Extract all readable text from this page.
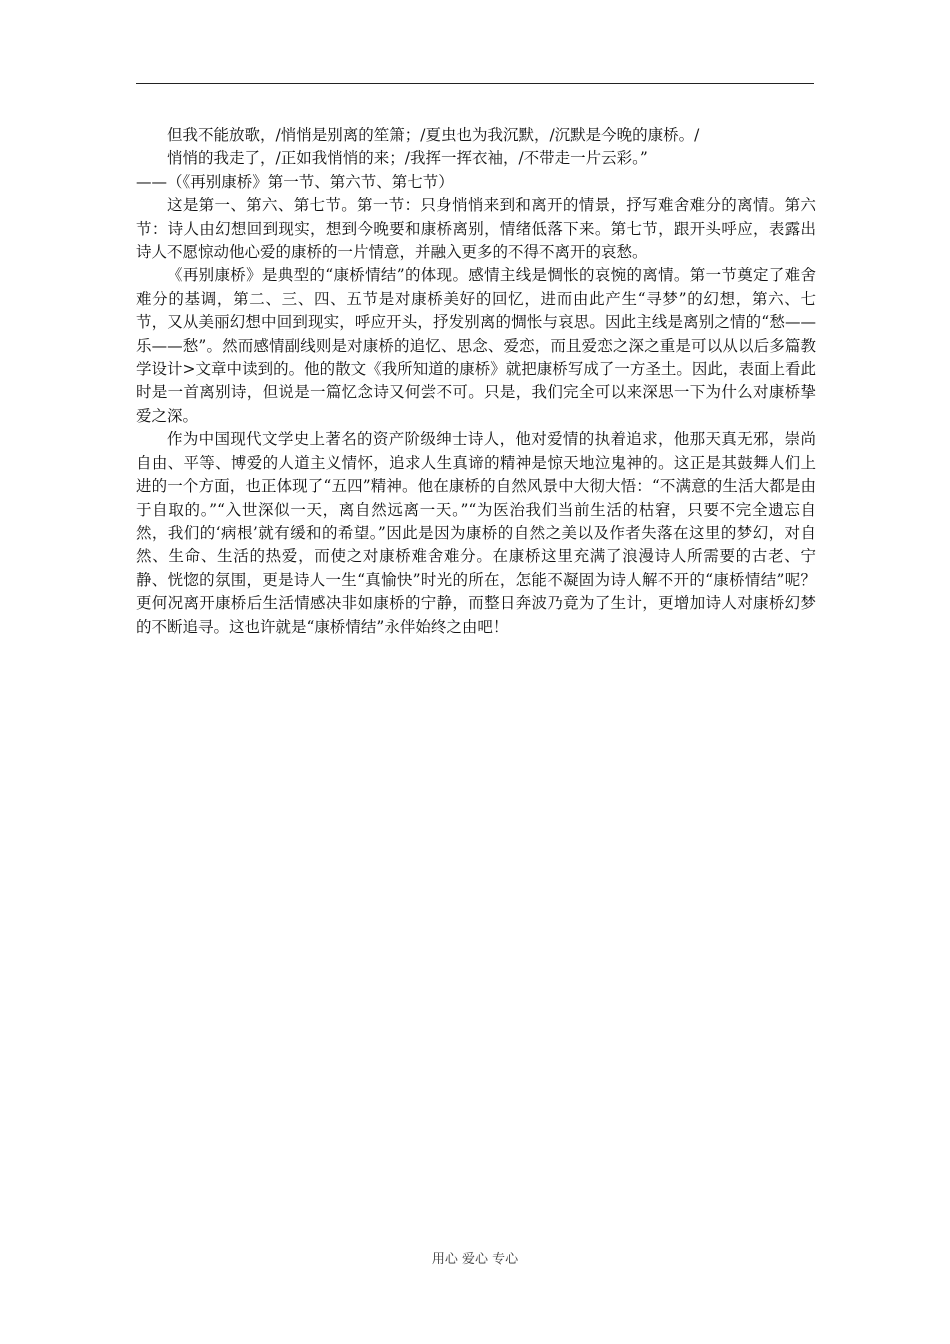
但我不能放歌，/悄悄是别离的笙箫；/夏虫也为我沉默，/沉默是今晚的康桥。/

悄悄的我走了，/正如我悄悄的来；/我挥一挥衣袖，/不带走一片云彩。”

——（《再别康桥》第一节、第六节、第七节）

这是第一、第六、第七节。第一节：只身悄悄来到和离开的情景，抒写难舍难分的离情。第六节：诗人由幻想回到现实，想到今晚要和康桥离别，情绪低落下来。第七节，跟开头呼应，表露出诗人不愿惊动他心爱的康桥的一片情意，并融入更多的不得不离开的哀愁。

《再别康桥》是典型的“康桥情结”的体现。感情主线是惆怅的哀惋的离情。第一节奠定了难舍难分的基调，第二、三、四、五节是对康桥美好的回忆，进而由此产生“寻梦”的幻想，第六、七节，又从美丽幻想中回到现实，呼应开头，抒发别离的惆怅与哀思。因此主线是离别之情的“愁——乐——愁”。然而感情副线则是对康桥的追忆、思念、爱恋，而且爱恋之深之重是可以从以后多篇教学设计>文章中读到的。他的散文《我所知道的康桥》就把康桥写成了一方圣土。因此，表面上看此时是一首离别诗，但说是一篇忆念诗又何尝不可。只是，我们完全可以来深思一下为什么对康桥挚爱之深。

作为中国现代文学史上著名的资产阶级绅士诗人，他对爱情的执着追求，他那天真无邪，崇尚自由、平等、博爱的人道主义情怀，追求人生真谛的精神是惊天地泣鬼神的。这正是其鼓舞人们上进的一个方面，也正体现了“五四”精神。他在康桥的自然风景中大彻大悟：“不满意的生活大都是由于自取的。”“入世深似一天，离自然远离一天。”“为医治我们当前生活的枯窘，只要不完全遗忘自然，我们的‘病根’就有缓和的希望。”因此是因为康桥的自然之美以及作者失落在这里的梦幻，对自然、生命、生活的热爱，而使之对康桥难舍难分。在康桥这里充满了浪漫诗人所需要的古老、宁静、恍惚的氛围，更是诗人一生“真愉快”时光的所在，怎能不凝固为诗人解不开的“康桥情结”呢？更何况离开康桥后生活情感决非如康桥的宁静，而整日奔波乃竟为了生计，更增加诗人对康桥幻梦的不断追寻。这也许就是“康桥情结”永伴始终之由吧！

用心 爱心 专心
